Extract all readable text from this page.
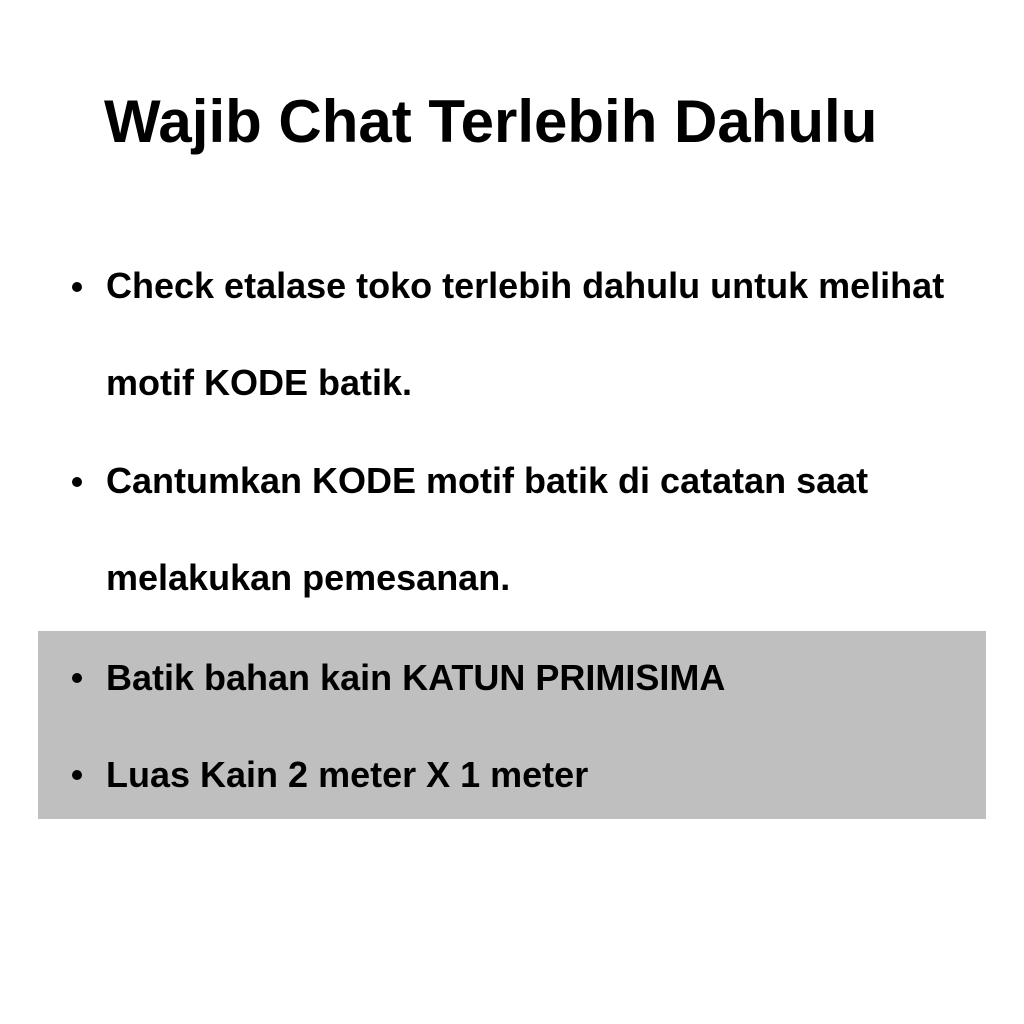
Wajib Chat Terlebih Dahulu

Check etalase toko terlebih dahulu untuk melihat motif KODE batik.

Cantumkan KODE motif batik di catatan saat melakukan pemesanan.

Batik bahan kain KATUN PRIMISIMA

Luas Kain 2 meter X 1 meter
